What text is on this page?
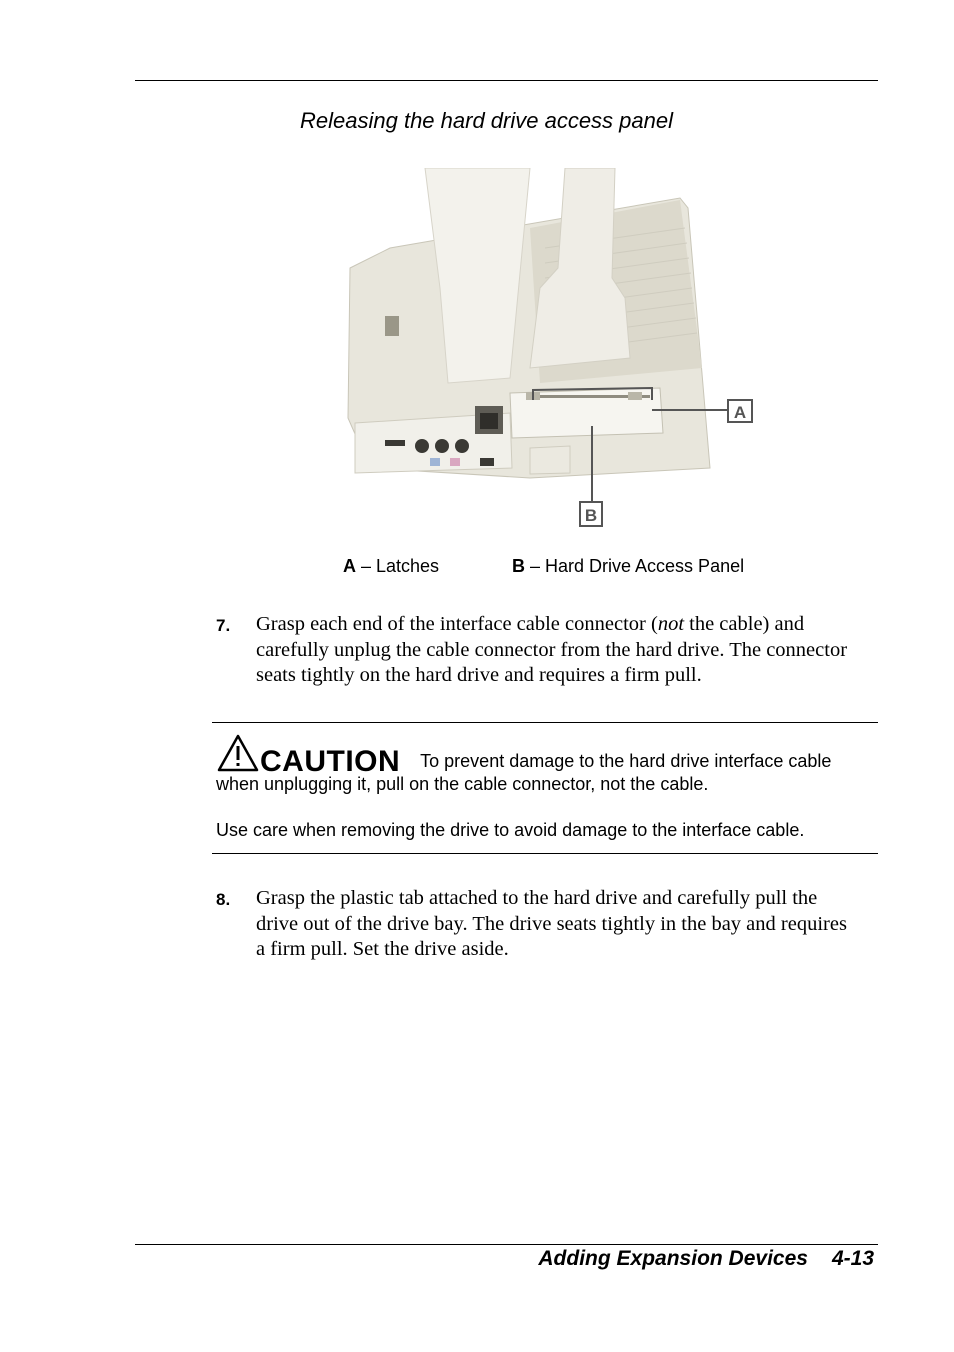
Releasing the hard drive access panel
A
B
A – Latches	B – Hard Drive Access Panel
7. Grasp each end of the interface cable connector (not the cable) and carefully unplug the cable connector from the hard drive. The connector seats tightly on the hard drive and requires a firm pull.
CAUTION To prevent damage to the hard drive interface cable when unplugging it, pull on the cable connector, not the cable.
Use care when removing the drive to avoid damage to the interface cable.
8. Grasp the plastic tab attached to the hard drive and carefully pull the drive out of the drive bay. The drive seats tightly in the bay and requires a firm pull. Set the drive aside.
Adding Expansion Devices 4-13
